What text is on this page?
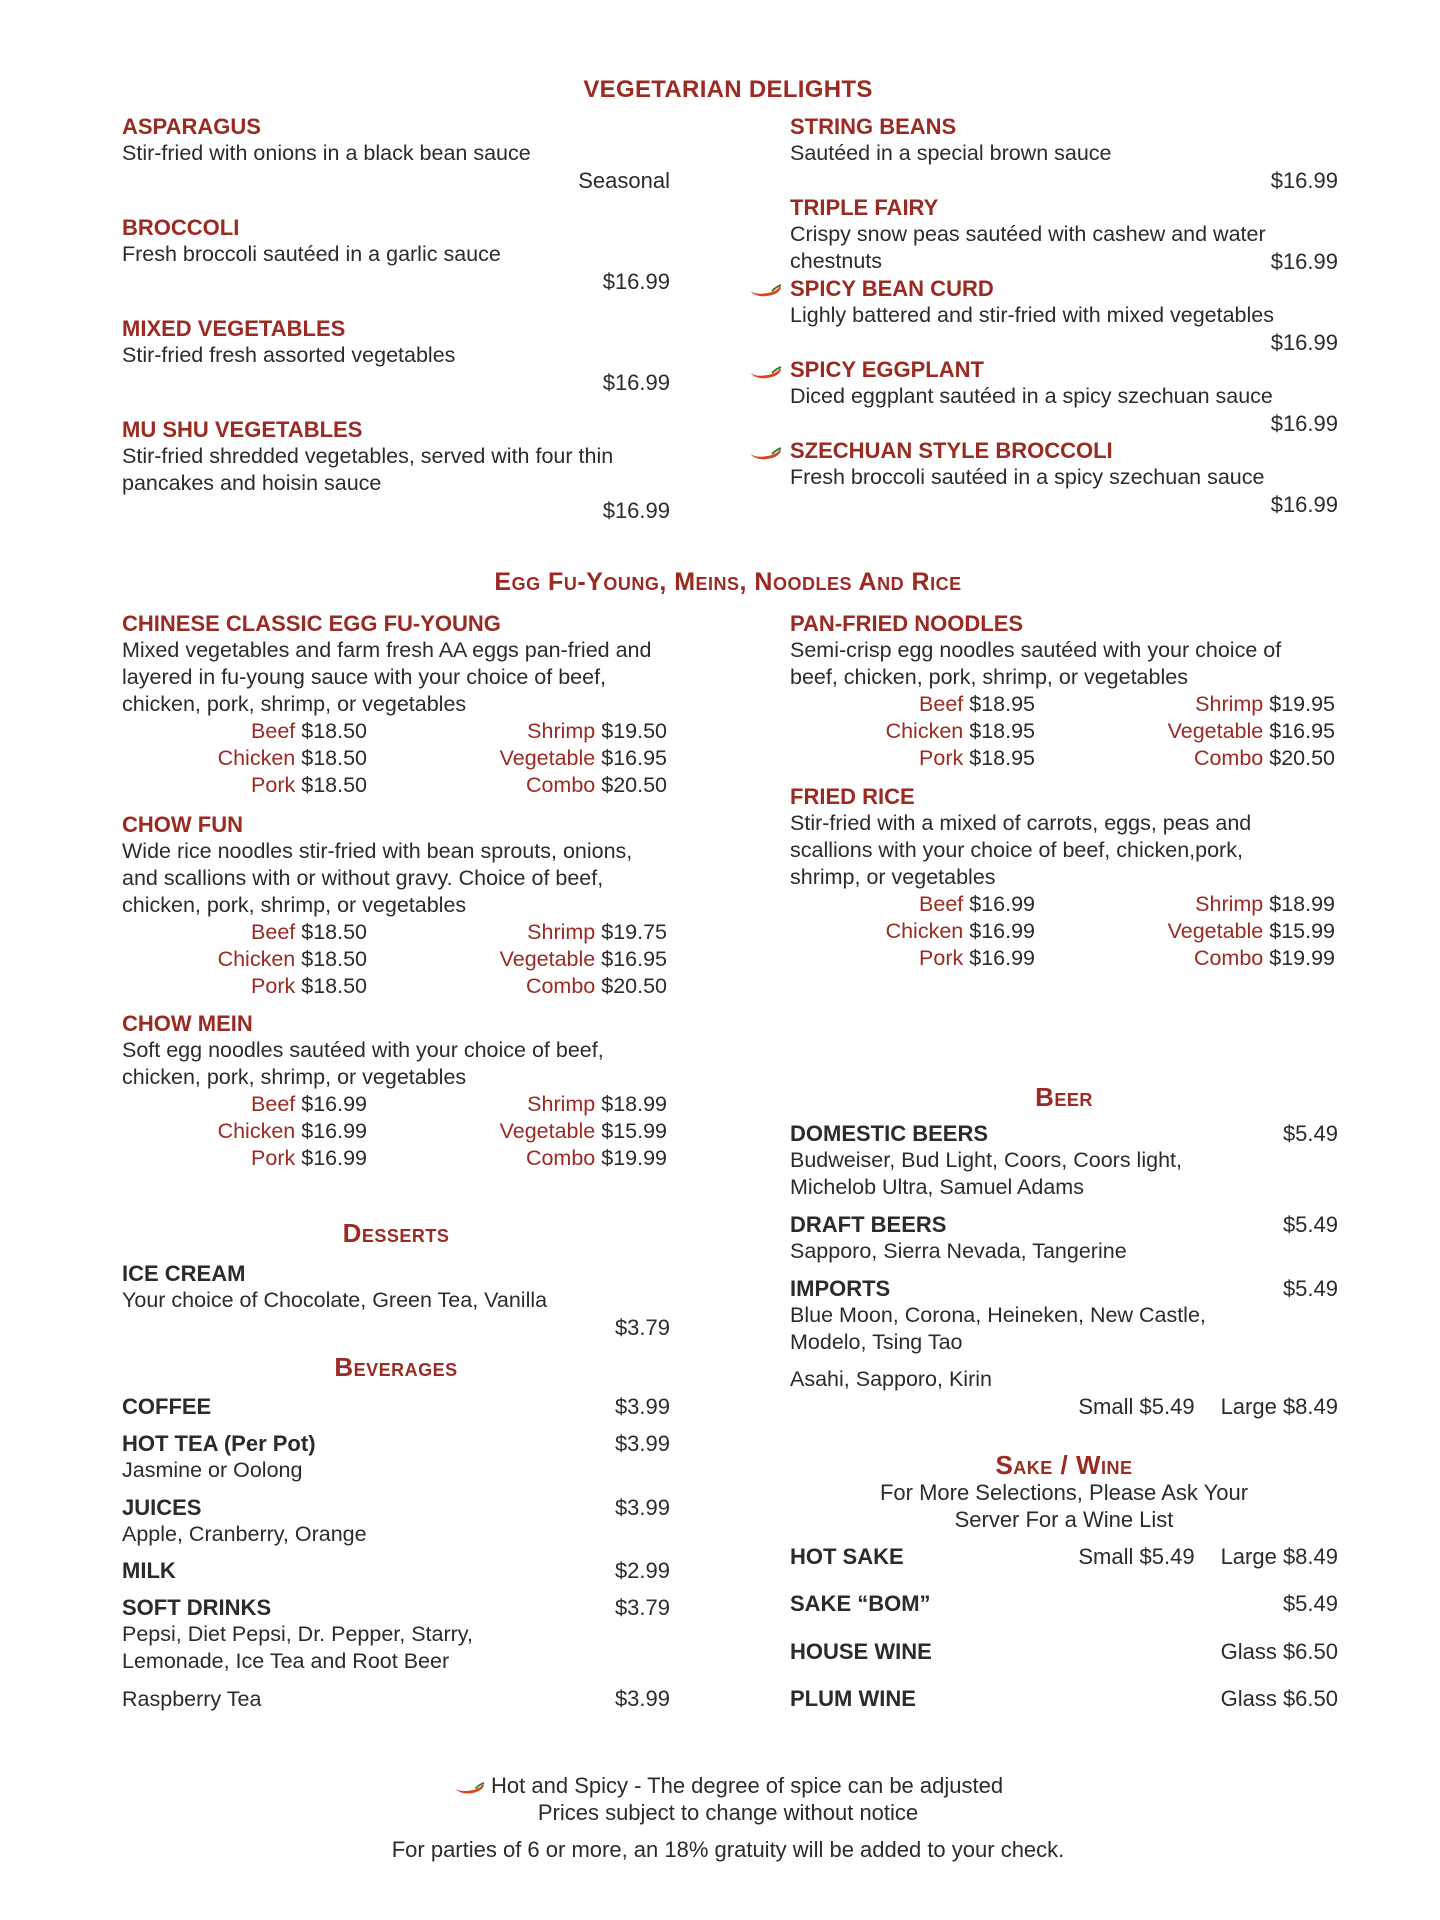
VEGETARIAN DELIGHTS
ASPARAGUS
Stir-fried with onions in a black bean sauce
Seasonal
BROCCOLI
Fresh broccoli sautéed in a garlic sauce
$16.99
MIXED VEGETABLES
Stir-fried fresh assorted vegetables
$16.99
MU SHU VEGETABLES
Stir-fried shredded vegetables, served with four thin pancakes and hoisin sauce
$16.99
STRING BEANS
Sautéed in a special brown sauce
$16.99
TRIPLE FAIRY
Crispy snow peas sautéed with cashew and water chestnuts	$16.99
SPICY BEAN CURD
Lighly battered and stir-fried with mixed vegetables
$16.99
SPICY EGGPLANT
Diced eggplant sautéed in a spicy szechuan sauce
$16.99
SZECHUAN STYLE BROCCOLI
Fresh broccoli sautéed in a spicy szechuan sauce
$16.99
Egg Fu-Young, Meins, Noodles And Rice
CHINESE CLASSIC EGG FU-YOUNG
Mixed vegetables and farm fresh AA eggs pan-fried and layered in fu-young sauce with your choice of beef, chicken, pork, shrimp, or vegetables
Beef $18.50	Shrimp $19.50
Chicken $18.50	Vegetable $16.95
Pork $18.50	Combo $20.50
CHOW FUN
Wide rice noodles stir-fried with bean sprouts, onions, and scallions with or without gravy. Choice of beef, chicken, pork, shrimp, or vegetables
Beef $18.50	Shrimp $19.75
Chicken $18.50	Vegetable $16.95
Pork $18.50	Combo $20.50
CHOW MEIN
Soft egg noodles sautéed with your choice of beef, chicken, pork, shrimp, or vegetables
Beef $16.99	Shrimp $18.99
Chicken $16.99	Vegetable $15.99
Pork $16.99	Combo $19.99
PAN-FRIED NOODLES
Semi-crisp egg noodles sautéed with your choice of beef, chicken, pork, shrimp, or vegetables
Beef $18.95	Shrimp $19.95
Chicken $18.95	Vegetable $16.95
Pork $18.95	Combo $20.50
FRIED RICE
Stir-fried with a mixed of carrots, eggs, peas and scallions with your choice of beef, chicken,pork, shrimp, or vegetables
Beef $16.99	Shrimp $18.99
Chicken $16.99	Vegetable $15.99
Pork $16.99	Combo $19.99
Desserts
ICE CREAM
Your choice of Chocolate, Green Tea, Vanilla
$3.79
Beverages
COFFEE	$3.99
HOT TEA (Per Pot)	$3.99
Jasmine or Oolong
JUICES	$3.99
Apple, Cranberry, Orange
MILK	$2.99
SOFT DRINKS	$3.79
Pepsi, Diet Pepsi, Dr. Pepper, Starry, Lemonade, Ice Tea and Root Beer
Raspberry Tea	$3.99
Beer
DOMESTIC BEERS	$5.49
Budweiser, Bud Light, Coors, Coors light, Michelob Ultra, Samuel Adams
DRAFT BEERS	$5.49
Sapporo, Sierra Nevada, Tangerine
IMPORTS	$5.49
Blue Moon, Corona, Heineken, New Castle, Modelo, Tsing Tao
Asahi, Sapporo, Kirin
Small $5.49 Large $8.49
Sake / Wine
For More Selections, Please Ask Your
Server For a Wine List
HOT SAKE	Small $5.49 Large $8.49
SAKE “BOM”	$5.49
HOUSE WINE	Glass $6.50
PLUM WINE	Glass $6.50
Hot and Spicy - The degree of spice can be adjusted
Prices subject to change without notice
For parties of 6 or more, an 18% gratuity will be added to your check.
